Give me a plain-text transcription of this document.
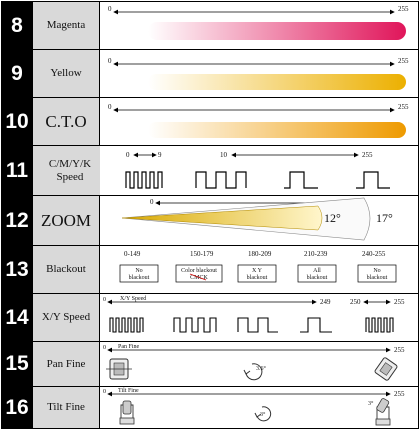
8	Magenta
0	255
9	Yellow
0	255
10 C.T.O
0	255
11	C/M/Y/K Speed
0	9	10	255
12 ZOOM
0
12°	17°
13	Blackout
0-149	150-179	180-209	210-239	240-255
No
blackout
Color blackout
CMCK
X Y
blackout
All
blackout
No
blackout
14	X/Y Speed
0 X/Y Speed	249	250	255
15	Pan Fine
0 Pan Fine	255
3.6°
16	Tilt Fine
0 Tilt Fine	255
3°
3°
